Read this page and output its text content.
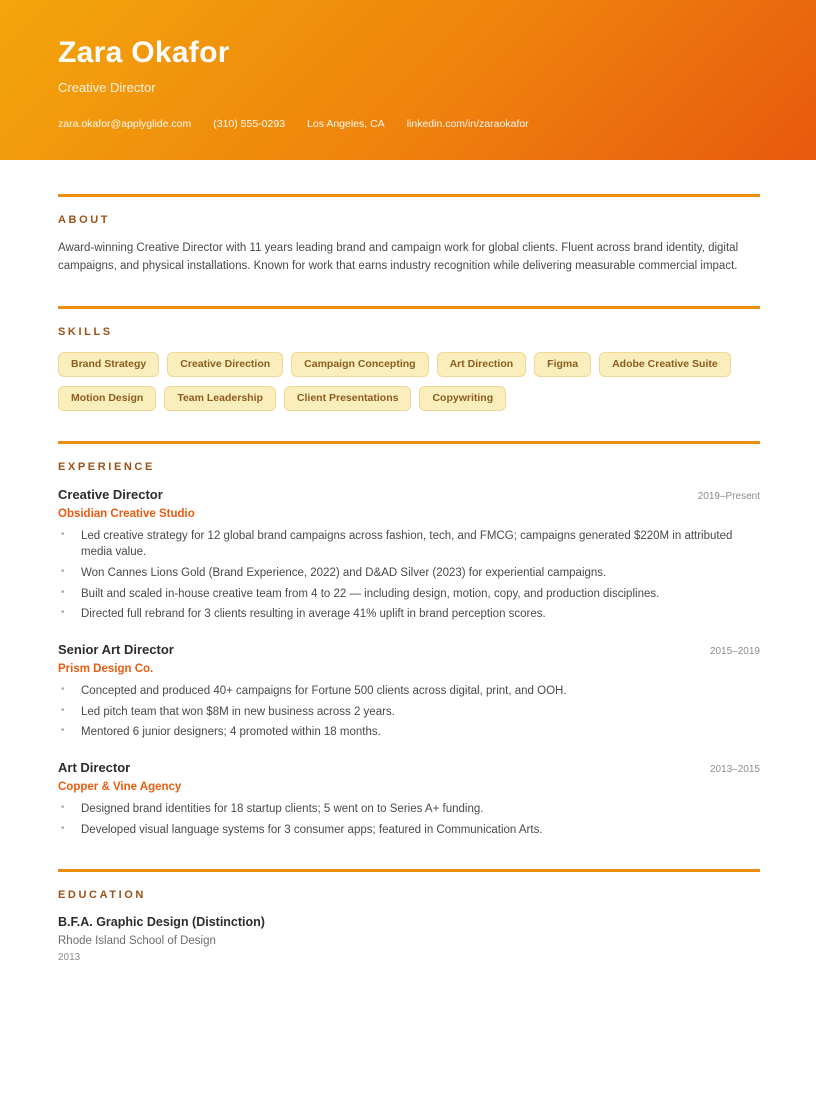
Zara Okafor
Creative Director
zara.okafor@applyglide.com (310) 555-0293 Los Angeles, CA linkedin.com/in/zaraokafor
ABOUT

Award-winning Creative Director with 11 years leading brand and campaign work for global clients. Fluent across brand identity, digital campaigns, and physical installations. Known for work that earns industry recognition while delivering measurable commercial impact.

SKILLS
Brand Strategy	Creative Direction	Campaign Concepting	Art Direction	Figma	Adobe Creative Suite
Motion Design	Team Leadership	Client Presentations	Copywriting
EXPERIENCE
Creative Director	2019–Present
Obsidian Creative Studio
• Led creative strategy for 12 global brand campaigns across fashion, tech, and FMCG; campaigns generated $220M in attributed media value.
• Won Cannes Lions Gold (Brand Experience, 2022) and D&AD Silver (2023) for experiential campaigns.
• Built and scaled in-house creative team from 4 to 22 — including design, motion, copy, and production disciplines.
• Directed full rebrand for 3 clients resulting in average 41% uplift in brand perception scores.
Senior Art Director	2015–2019
Prism Design Co.
• Concepted and produced 40+ campaigns for Fortune 500 clients across digital, print, and OOH.
• Led pitch team that won $8M in new business across 2 years.
• Mentored 6 junior designers; 4 promoted within 18 months.
Art Director	2013–2015
Copper & Vine Agency
• Designed brand identities for 18 startup clients; 5 went on to Series A+ funding.
• Developed visual language systems for 3 consumer apps; featured in Communication Arts.
EDUCATION
B.F.A. Graphic Design (Distinction)
Rhode Island School of Design
2013
